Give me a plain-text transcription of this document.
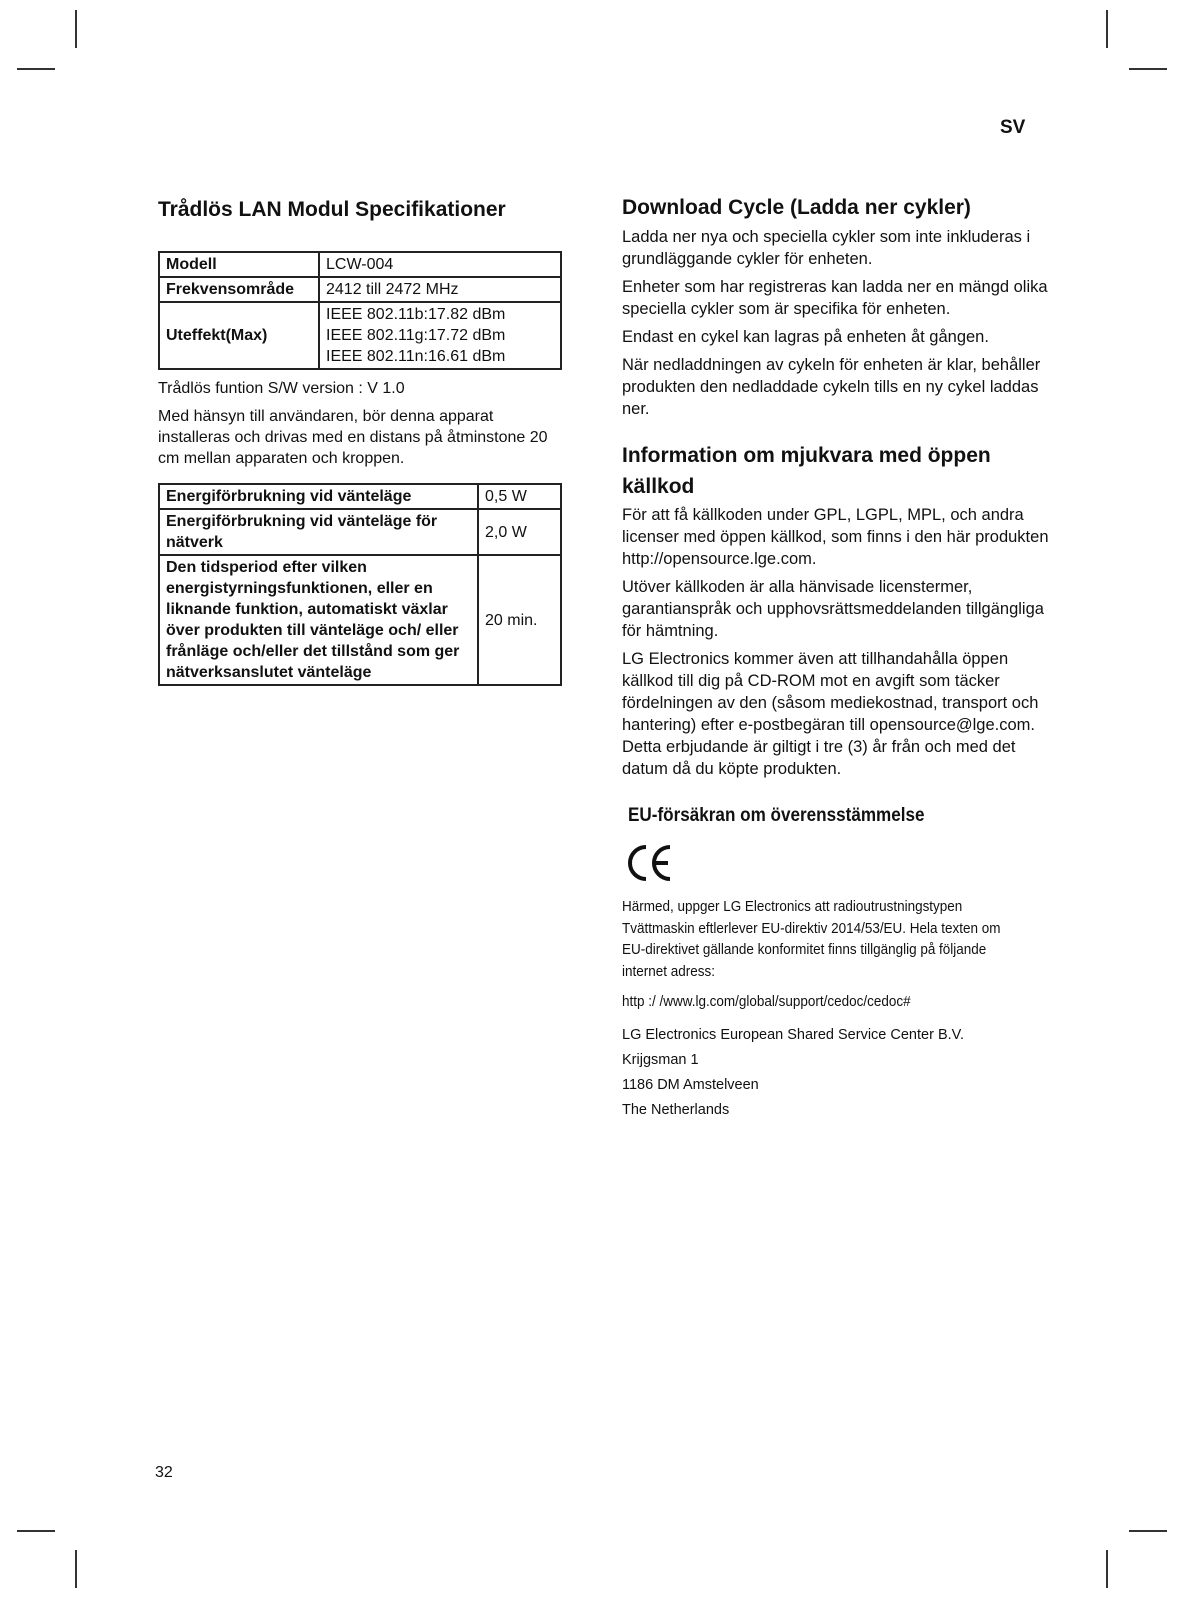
SV
Trådlös LAN Modul Specifikationer
Modell	LCW-004
Frekvensområde	2412 till 2472 MHz
Uteffekt(Max)	IEEE 802.11b:17.82 dBm
IEEE 802.11g:17.72 dBm
IEEE 802.11n:16.61 dBm

Trådlös funtion S/W version : V 1.0

Med hänsyn till användaren, bör denna apparat installeras och drivas med en distans på åtminstone 20 cm mellan apparaten och kroppen.

Energiförbrukning vid vänteläge	0,5 W
Energiförbrukning vid vänteläge för nätverk	2,0 W
Den tidsperiod efter vilken energistyrningsfunktionen, eller en liknande funktion, automatiskt växlar över produkten till vänteläge och/ eller frånläge och/eller det tillstånd som ger nätverksanslutet vänteläge	20 min.
Download Cycle (Ladda ner cykler)

Ladda ner nya och speciella cykler som inte inkluderas i grundläggande cykler för enheten.

Enheter som har registreras kan ladda ner en mängd olika speciella cykler som är specifika för enheten.

Endast en cykel kan lagras på enheten åt gången.

När nedladdningen av cykeln för enheten är klar, behåller produkten den nedladdade cykeln tills en ny cykel laddas ner.

Information om mjukvara med öppen källkod

För att få källkoden under GPL, LGPL, MPL, och andra licenser med öppen källkod, som finns i den här produkten http://opensource.lge.com.

Utöver källkoden är alla hänvisade licenstermer, garantianspråk och upphovsrättsmeddelanden tillgängliga för hämtning.

LG Electronics kommer även att tillhandahålla öppen källkod till dig på CD-ROM mot en avgift som täcker fördelningen av den (såsom mediekostnad, transport och hantering) efter e-postbegäran till opensource@lge.com. Detta erbjudande är giltigt i tre (3) år från och med det datum då du köpte produkten.

EU-försäkran om överensstämmelse

Härmed, uppger LG Electronics att radioutrustningstypen Tvättmaskin eftlerlever EU-direktiv 2014/53/EU. Hela texten om EU-direktivet gällande konformitet finns tillgänglig på följande internet adress:

http :/ /www.lg.com/global/support/cedoc/cedoc#

LG Electronics European Shared Service Center B.V.

Krijgsman 1

1186 DM Amstelveen

The Netherlands

32
